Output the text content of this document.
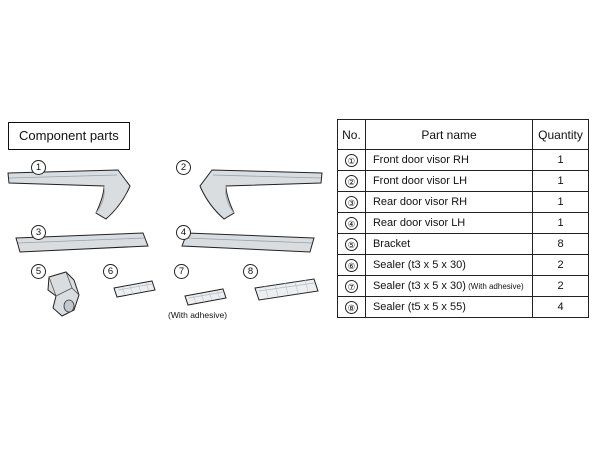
Component parts
1	2
3	4
5	6	7	8
(With adhesive)
No.	Part name	Quantity
①	Front door visor RH	1
②	Front door visor LH	1
③	Rear door visor RH	1
④	Rear door visor LH	1
⑤	Bracket	8
⑥	Sealer (t3 x 5 x 30)	2
⑦	Sealer (t3 x 5 x 30) (With adhesive)	2
⑧	Sealer (t5 x 5 x 55)	4
